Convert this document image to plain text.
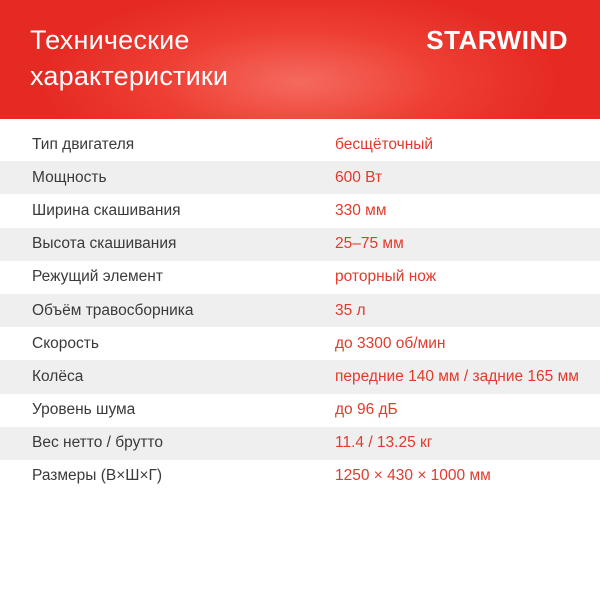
Технические
характеристики
STARWIND
Тип двигателя	бесщёточный
Мощность	600 Вт
Ширина скашивания	330 мм
Высота скашивания	25–75 мм
Режущий элемент	роторный нож
Объём травосборника	35 л
Скорость	до 3300 об/мин
Колёса	передние 140 мм / задние 165 мм
Уровень шума	до 96 дБ
Вес нетто / брутто	11.4 / 13.25 кг
Размеры (В×Ш×Г)	1250 × 430 × 1000 мм
